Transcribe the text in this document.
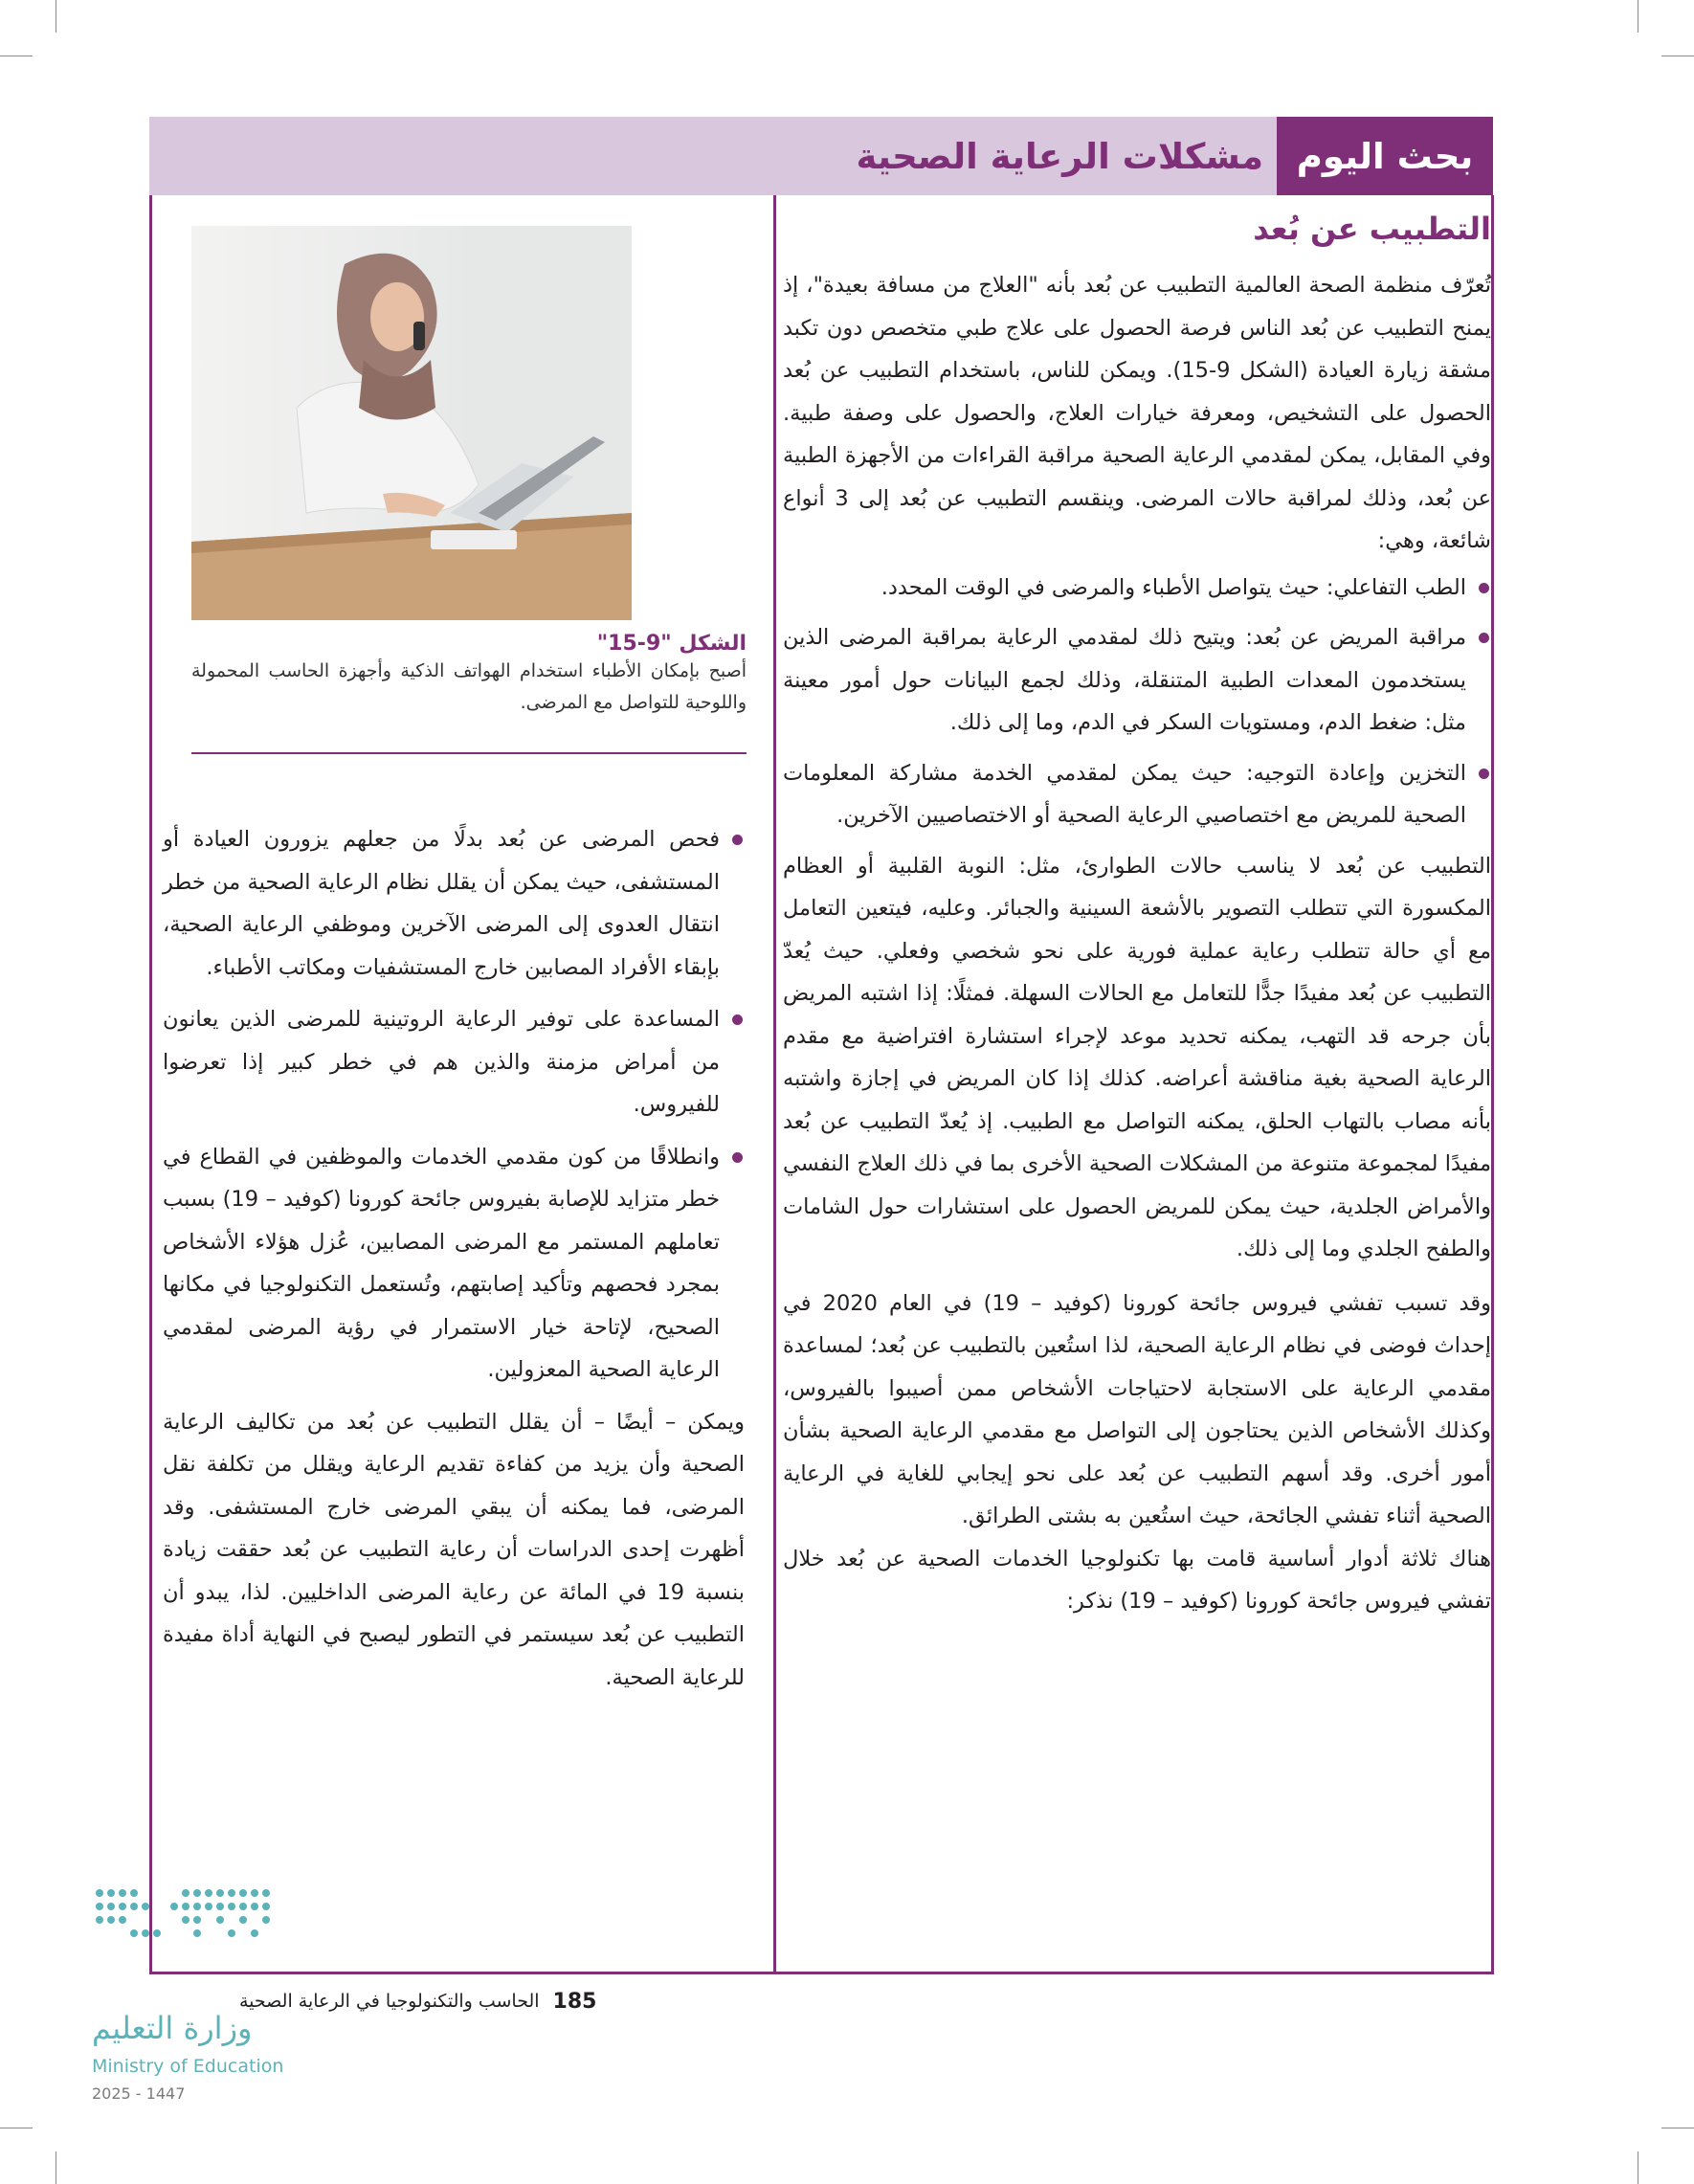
بحث اليوم
مشكلات الرعاية الصحية
التطبيب عن بُعد

تُعرّف منظمة الصحة العالمية التطبيب عن بُعد بأنه "العلاج من مسافة بعيدة"، إذ يمنح التطبيب عن بُعد الناس فرصة الحصول على علاج طبي متخصص دون تكبد مشقة زيارة العيادة (الشكل 9-15). ويمكن للناس، باستخدام التطبيب عن بُعد الحصول على التشخيص، ومعرفة خيارات العلاج، والحصول على وصفة طبية. وفي المقابل، يمكن لمقدمي الرعاية الصحية مراقبة القراءات من الأجهزة الطبية عن بُعد، وذلك لمراقبة حالات المرضى. وينقسم التطبيب عن بُعد إلى 3 أنواع شائعة، وهي:

الطب التفاعلي: حيث يتواصل الأطباء والمرضى في الوقت المحدد.
مراقبة المريض عن بُعد: ويتيح ذلك لمقدمي الرعاية بمراقبة المرضى الذين يستخدمون المعدات الطبية المتنقلة، وذلك لجمع البيانات حول أمور معينة مثل: ضغط الدم، ومستويات السكر في الدم، وما إلى ذلك.
التخزين وإعادة التوجيه: حيث يمكن لمقدمي الخدمة مشاركة المعلومات الصحية للمريض مع اختصاصيي الرعاية الصحية أو الاختصاصيين الآخرين.

التطبيب عن بُعد لا يناسب حالات الطوارئ، مثل: النوبة القلبية أو العظام المكسورة التي تتطلب التصوير بالأشعة السينية والجبائر. وعليه، فيتعين التعامل مع أي حالة تتطلب رعاية عملية فورية على نحو شخصي وفعلي. حيث يُعدّ التطبيب عن بُعد مفيدًا جدًّا للتعامل مع الحالات السهلة. فمثلًا: إذا اشتبه المريض بأن جرحه قد التهب، يمكنه تحديد موعد لإجراء استشارة افتراضية مع مقدم الرعاية الصحية بغية مناقشة أعراضه. كذلك إذا كان المريض في إجازة واشتبه بأنه مصاب بالتهاب الحلق، يمكنه التواصل مع الطبيب. إذ يُعدّ التطبيب عن بُعد مفيدًا لمجموعة متنوعة من المشكلات الصحية الأخرى بما في ذلك العلاج النفسي والأمراض الجلدية، حيث يمكن للمريض الحصول على استشارات حول الشامات والطفح الجلدي وما إلى ذلك.

وقد تسبب تفشي فيروس جائحة كورونا (كوفيد – 19) في العام 2020 في إحداث فوضى في نظام الرعاية الصحية، لذا استُعين بالتطبيب عن بُعد؛ لمساعدة مقدمي الرعاية على الاستجابة لاحتياجات الأشخاص ممن أصيبوا بالفيروس، وكذلك الأشخاص الذين يحتاجون إلى التواصل مع مقدمي الرعاية الصحية بشأن أمور أخرى. وقد أسهم التطبيب عن بُعد على نحو إيجابي للغاية في الرعاية الصحية أثناء تفشي الجائحة، حيث استُعين به بشتى الطرائق.

هناك ثلاثة أدوار أساسية قامت بها تكنولوجيا الخدمات الصحية عن بُعد خلال تفشي فيروس جائحة كورونا (كوفيد – 19) نذكر:

الشكل "9-15"
أصبح بإمكان الأطباء استخدام الهواتف الذكية وأجهزة الحاسب المحمولة واللوحية للتواصل مع المرضى.
فحص المرضى عن بُعد بدلًا من جعلهم يزورون العيادة أو المستشفى، حيث يمكن أن يقلل نظام الرعاية الصحية من خطر انتقال العدوى إلى المرضى الآخرين وموظفي الرعاية الصحية، بإبقاء الأفراد المصابين خارج المستشفيات ومكاتب الأطباء.
المساعدة على توفير الرعاية الروتينية للمرضى الذين يعانون من أمراض مزمنة والذين هم في خطر كبير إذا تعرضوا للفيروس.
وانطلاقًا من كون مقدمي الخدمات والموظفين في القطاع في خطر متزايد للإصابة بفيروس جائحة كورونا (كوفيد – 19) بسبب تعاملهم المستمر مع المرضى المصابين، عُزل هؤلاء الأشخاص بمجرد فحصهم وتأكيد إصابتهم، وتُستعمل التكنولوجيا في مكانها الصحيح، لإتاحة خيار الاستمرار في رؤية المرضى لمقدمي الرعاية الصحية المعزولين.

ويمكن – أيضًا – أن يقلل التطبيب عن بُعد من تكاليف الرعاية الصحية وأن يزيد من كفاءة تقديم الرعاية ويقلل من تكلفة نقل المرضى، فما يمكنه أن يبقي المرضى خارج المستشفى. وقد أظهرت إحدى الدراسات أن رعاية التطبيب عن بُعد حققت زيادة بنسبة 19 في المائة عن رعاية المرضى الداخليين. لذا، يبدو أن التطبيب عن بُعد سيستمر في التطور ليصبح في النهاية أداة مفيدة للرعاية الصحية.

185
الحاسب والتكنولوجيا في الرعاية الصحية
وزارة التعليم
Ministry of Education
2025 - 1447
